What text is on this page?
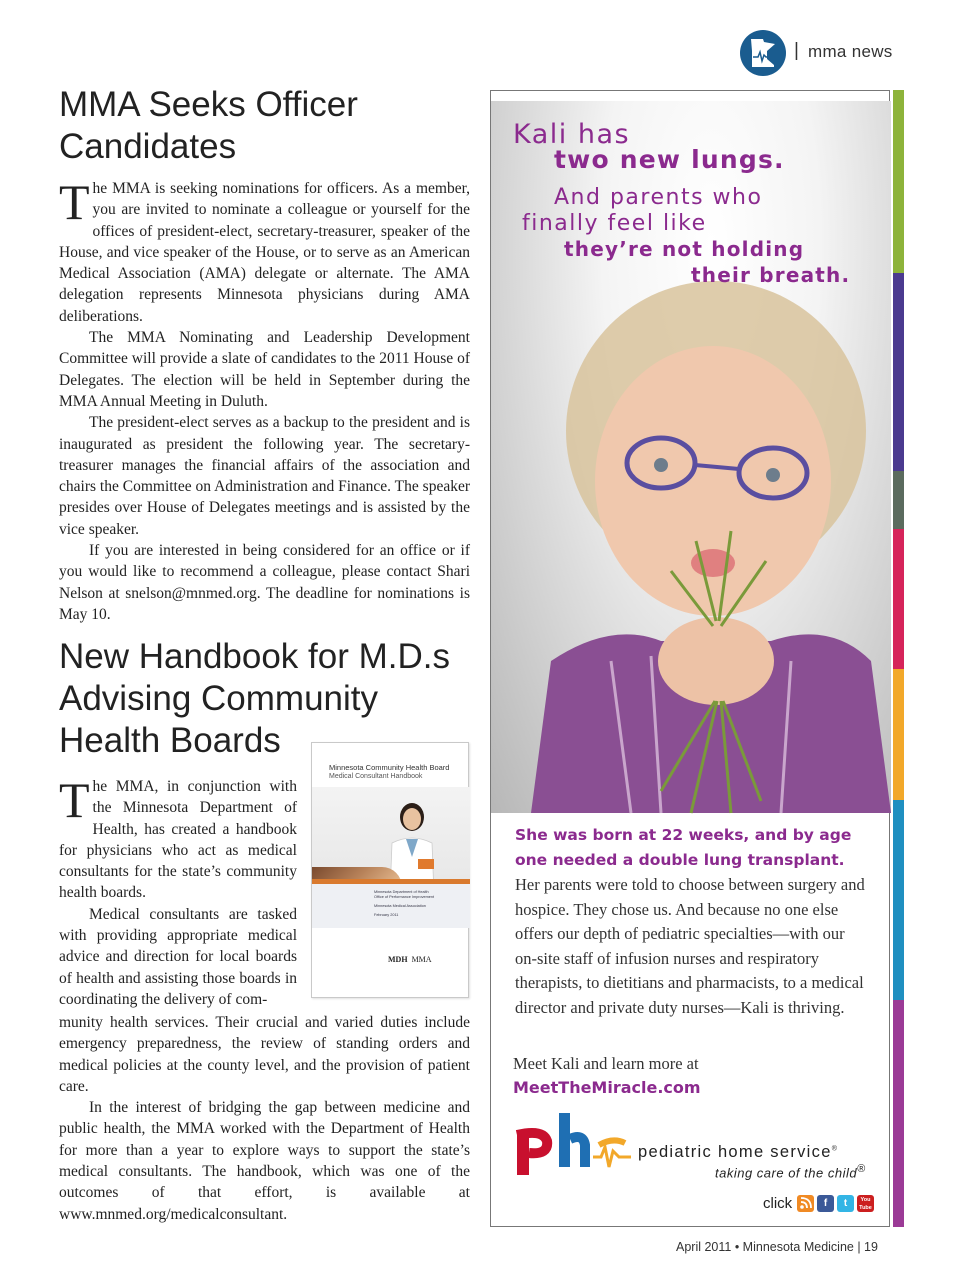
| mma news
MMA Seeks Officer Candidates

The MMA is seeking nominations for officers. As a member, you are invited to nominate a colleague or yourself for the offices of president-elect, secretary-treasurer, speaker of the House, and vice speaker of the House, or to serve as an American Medical Association (AMA) delegate or alternate. The AMA delegation represents Minnesota physicians during AMA deliberations.

The MMA Nominating and Leadership Development Committee will provide a slate of candidates to the 2011 House of Delegates. The election will be held in September during the MMA Annual Meeting in Duluth.

The president-elect serves as a backup to the president and is inaugurated as president the following year. The secretary-treasurer manages the financial affairs of the association and chairs the Committee on Administration and Finance. The speaker presides over House of Delegates meetings and is assisted by the vice speaker.

If you are interested in being considered for an office or if you would like to recommend a colleague, please contact Shari Nelson at snelson@mnmed.org. The deadline for nominations is May 10.

New Handbook for M.D.s Advising Community Health Boards

The MMA, in conjunction with the Minnesota Department of Health, has created a handbook for physicians who act as medical consultants for the state’s community health boards.

Medical consultants are tasked with providing appropriate medical advice and direction for local boards of health and assisting those boards in coordinating the delivery of com-

munity health services. Their crucial and varied duties include emergency preparedness, the review of standing orders and medical policies at the county level, and the provision of patient care.

In the interest of bridging the gap between medicine and public health, the MMA worked with the Department of Health for more than a year to explore ways to support the state’s medical consultants. The handbook, which was one of the outcomes of that effort, is available at www.mnmed.org/medicalconsultant.

Minnesota Community Health Board
Medical Consultant Handbook
Minnesota Department of Health
Office of Performance Improvement
Minnesota Medical Association
February 2011
MDH MMA
Kali has
two new lungs.
And parents who
finally feel like
they’re not holding
their breath.
She was born at 22 weeks, and by age one needed a double lung transplant.
Her parents were told to choose between surgery and hospice. They chose us. And because no one else offers our depth of pediatric specialties—with our on-site staff of infusion nurses and respiratory therapists, to dietitians and pharmacists, to a medical director and private duty nurses—Kali is thriving.
Meet Kali and learn more at
MeetTheMiracle.com
phs
pediatric home service®
taking care of the child®
click	f	t	You Tube
April 2011 • Minnesota Medicine | 19
